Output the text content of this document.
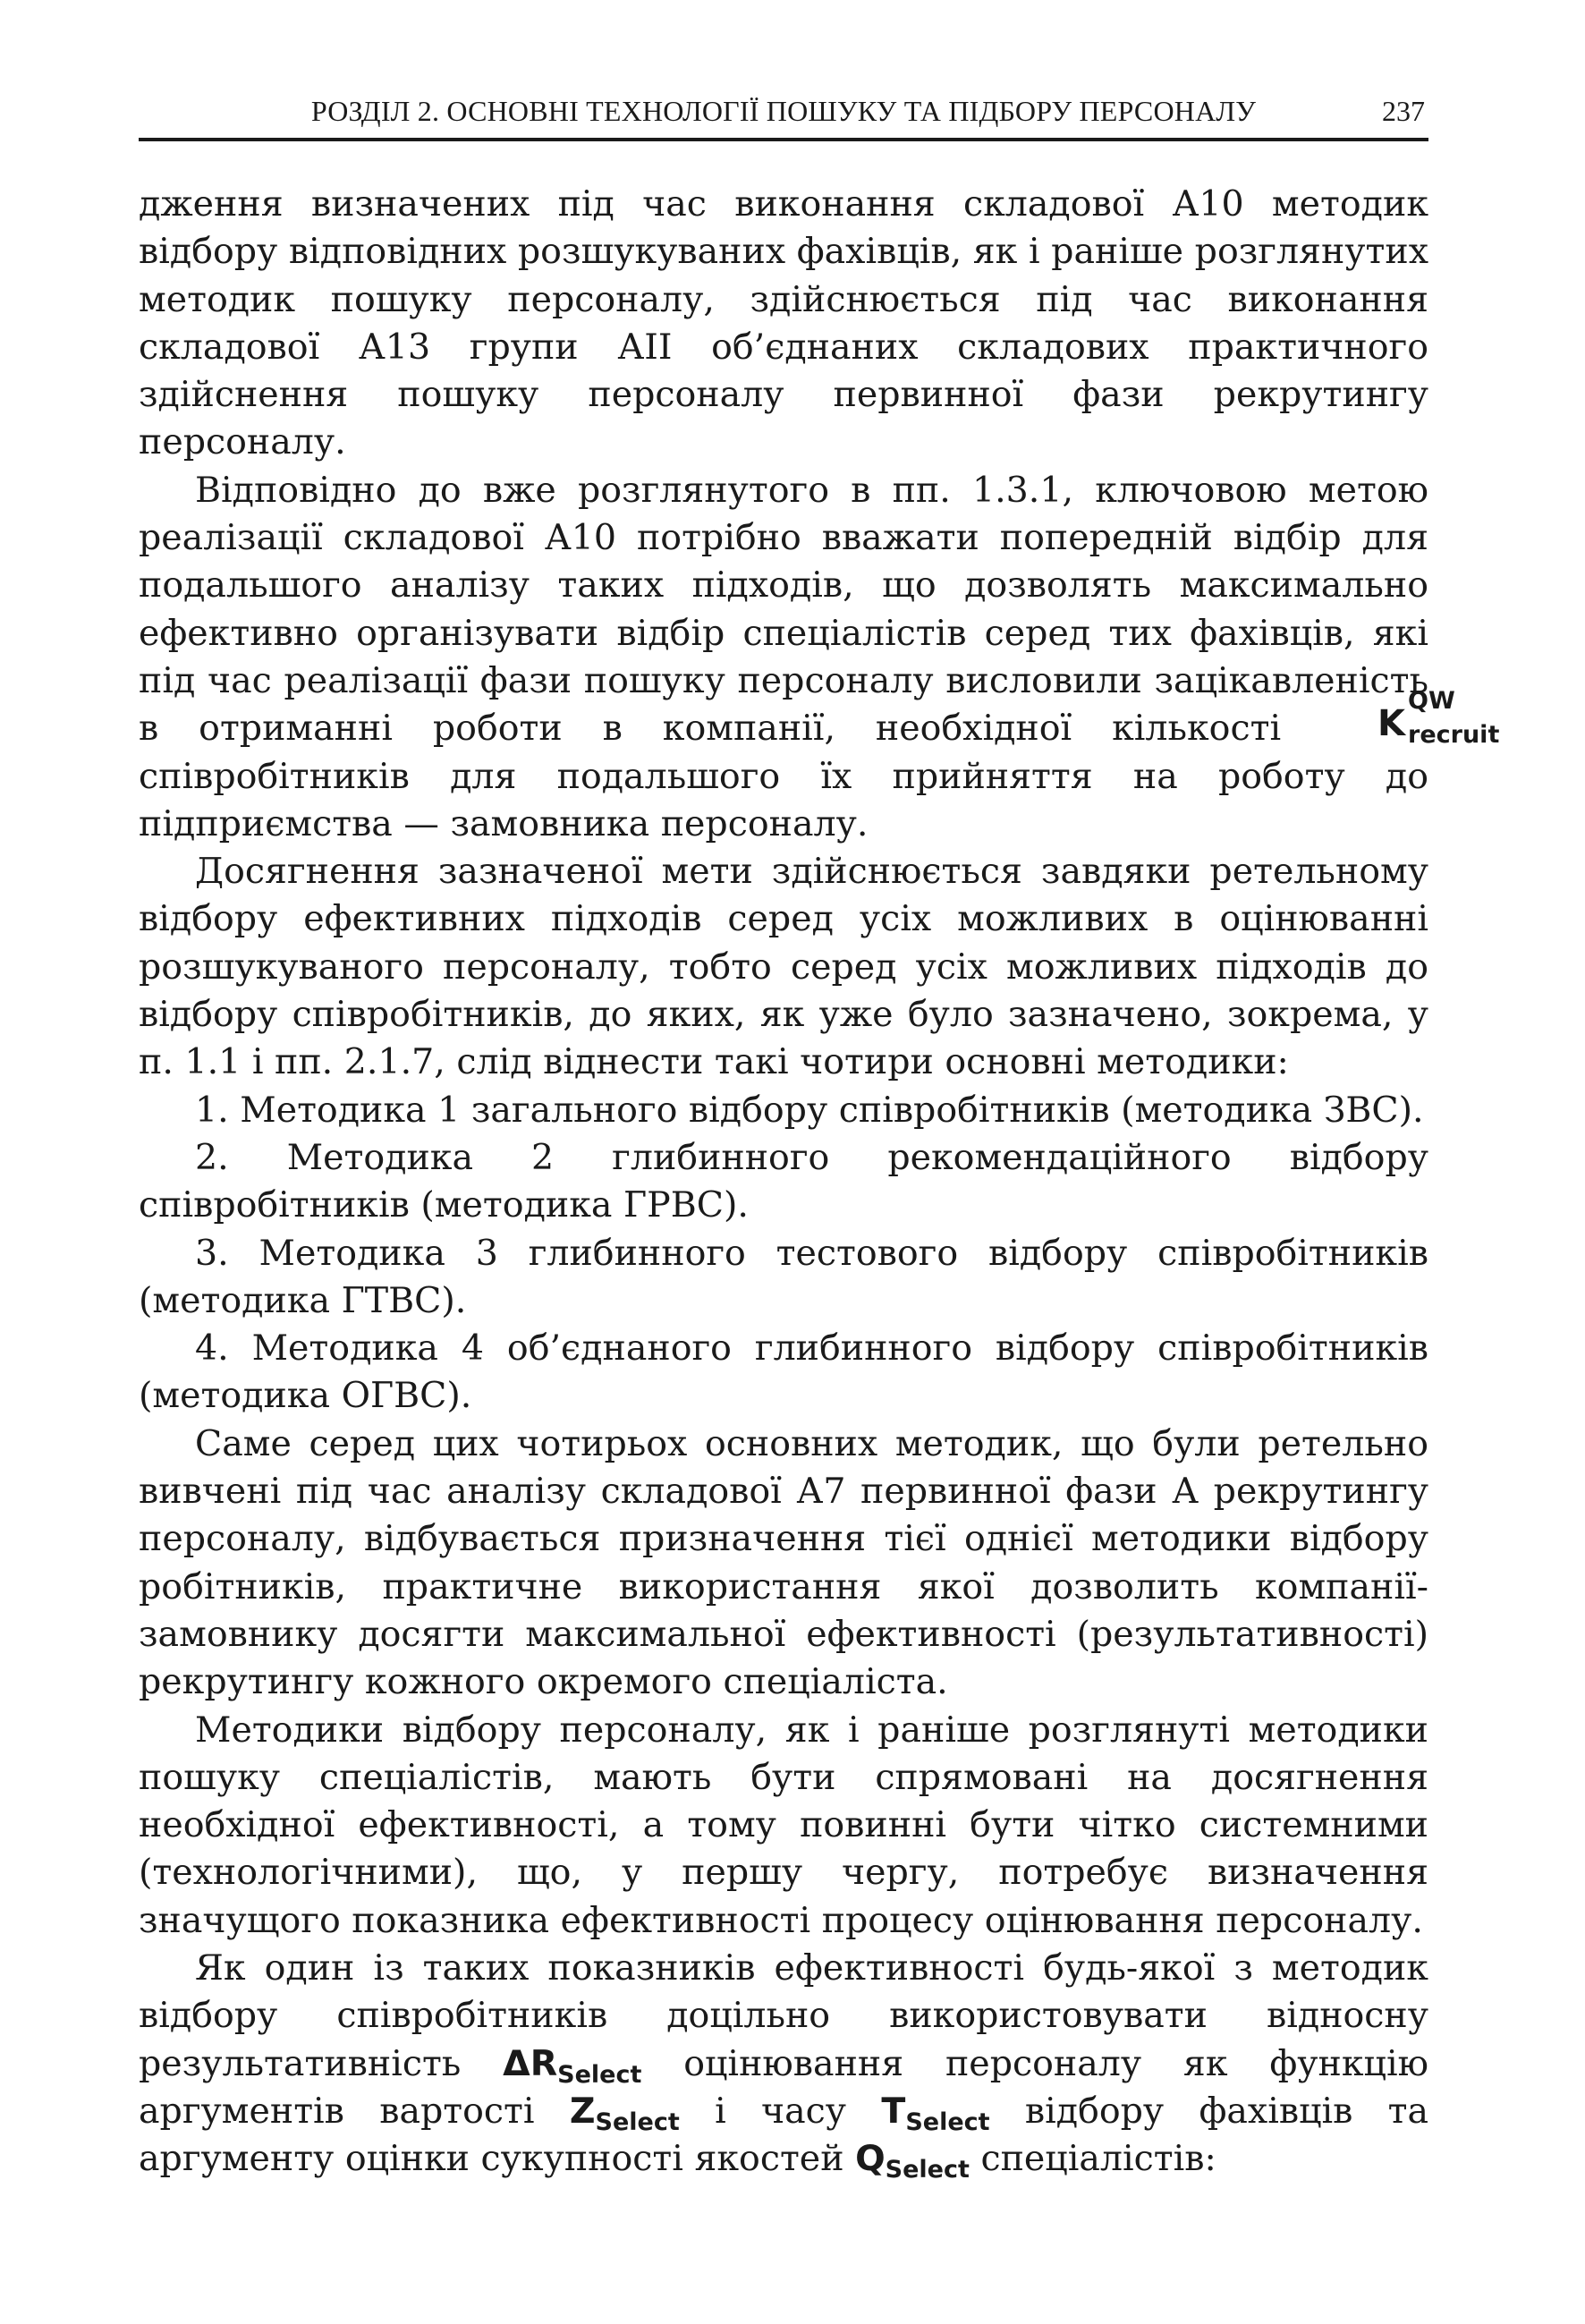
РОЗДІЛ 2. ОСНОВНІ ТЕХНОЛОГІЇ ПОШУКУ ТА ПІДБОРУ ПЕРСОНАЛУ	237

дження визначених під час виконання складової А10 методик відбору відповідних розшукуваних фахівців, як і раніше розглянутих методик пошуку персоналу, здійснюється під час виконання складової А13 групи АІІ об’єднаних складових практичного здійснення пошуку персоналу первинної фази рекрутингу персоналу.

Відповідно до вже розглянутого в пп. 1.3.1, ключовою метою реалізації складової А10 потрібно вважати попередній відбір для подальшого аналізу таких підходів, що дозволять максимально ефективно організувати відбір спеціалістів серед тих фахівців, які під час реалізації фази пошуку персоналу висловили зацікавленість в отриманні роботи в компанії, необхідної кількості	K
QW
recruit
співробітників для подальшого їх прийняття на роботу до підприємства — замовника персоналу.

Досягнення зазначеної мети здійснюється завдяки ретельному відбору ефективних підходів серед усіх можливих в оцінюванні розшукуваного персоналу, тобто серед усіх можливих підходів до відбору співробітників, до яких, як уже було зазначено, зокрема, у п. 1.1 і пп. 2.1.7, слід віднести такі чотири основні методики:

1. Методика 1 загального відбору співробітників (методика ЗВС).

2. Методика 2 глибинного рекомендаційного відбору співробітників (методика ГРВС).

3. Методика 3 глибинного тестового відбору співробітників (методика ГТВС).

4. Методика 4 об’єднаного глибинного відбору співробітників (методика ОГВС).

Саме серед цих чотирьох основних методик, що були ретельно вивчені під час аналізу складової А7 первинної фази А рекрутингу персоналу, відбувається призначення тієї однієї методики відбору робітників, практичне використання якої дозволить компанії-замовнику досягти максимальної ефективності (результативності) рекрутингу кожного окремого спеціаліста.

Методики відбору персоналу, як і раніше розглянуті методики пошуку спеціалістів, мають бути спрямовані на досягнення необхідної ефективності, а тому повинні бути чітко системними (технологічними), що, у першу чергу, потребує визначення значущого показника ефективності процесу оцінювання персоналу.

Як один із таких показників ефективності будь-якої з методик відбору співробітників доцільно використовувати відносну результативність $\Delta R_{Select}$ оцінювання персоналу як функцію аргументів вартості $Z_{Select}$ і часу $T_{Select}$ відбору фахівців та аргументу оцінки сукупності якостей $Q_{Select}$ спеціалістів:
